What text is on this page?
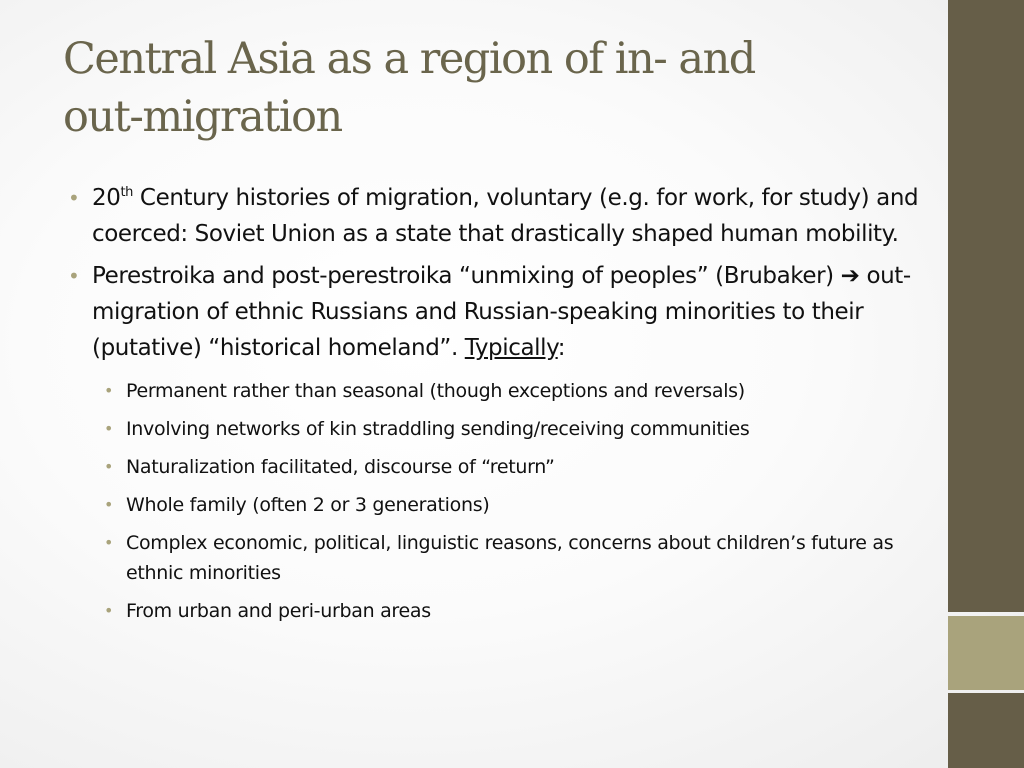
Central Asia as a region of in- and
out-migration
• 20th Century histories of migration, voluntary (e.g. for work, for study) and coerced: Soviet Union as a state that drastically shaped human mobility.
• Perestroika and post-perestroika “unmixing of peoples” (Brubaker) ➔ out-migration of ethnic Russians and Russian-speaking minorities to their (putative) “historical homeland”. Typically:
• Permanent rather than seasonal (though exceptions and reversals)
• Involving networks of kin straddling sending/receiving communities
• Naturalization facilitated, discourse of “return”
• Whole family (often 2 or 3 generations)
• Complex economic, political, linguistic reasons, concerns about children’s future as ethnic minorities
• From urban and peri-urban areas
